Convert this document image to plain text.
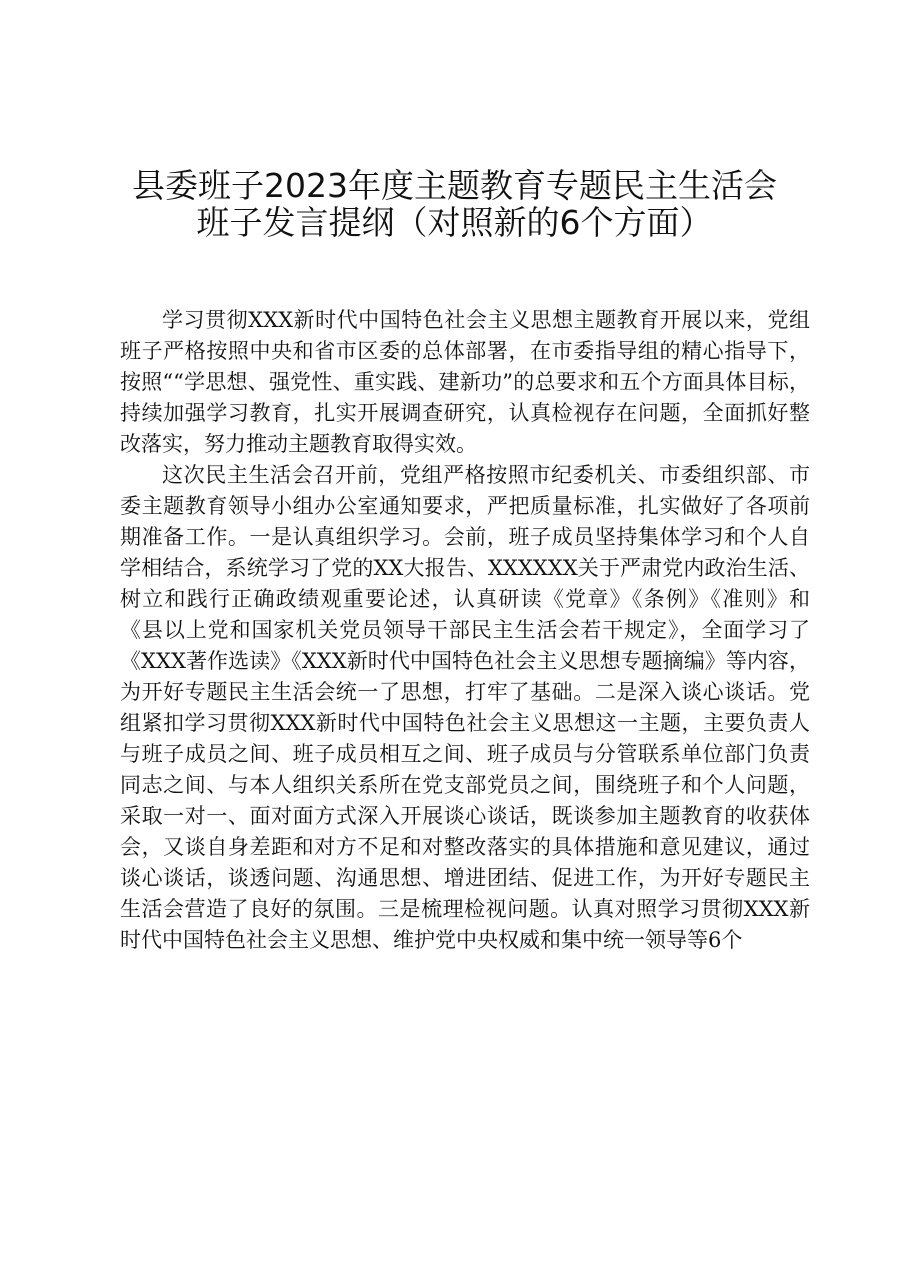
县委班子2023年度主题教育专题民主生活会
班子发言提纲（对照新的6个方面）

学习贯彻XXX新时代中国特色社会主义思想主题教育开展以来，党组班子严格按照中央和省市区委的总体部署，在市委指导组的精心指导下，按照““学思想、强党性、重实践、建新功”的总要求和五个方面具体目标，持续加强学习教育，扎实开展调查研究，认真检视存在问题，全面抓好整改落实，努力推动主题教育取得实效。

这次民主生活会召开前，党组严格按照市纪委机关、市委组织部、市委主题教育领导小组办公室通知要求，严把质量标准，扎实做好了各项前期准备工作。一是认真组织学习。会前，班子成员坚持集体学习和个人自学相结合，系统学习了党的XX大报告、XXXXXX关于严肃党内政治生活、树立和践行正确政绩观重要论述，认真研读《党章》《条例》《准则》和《县以上党和国家机关党员领导干部民主生活会若干规定》，全面学习了《XXX著作选读》《XXX新时代中国特色社会主义思想专题摘编》等内容，为开好专题民主生活会统一了思想，打牢了基础。二是深入谈心谈话。党组紧扣学习贯彻XXX新时代中国特色社会主义思想这一主题，主要负责人与班子成员之间、班子成员相互之间、班子成员与分管联系单位部门负责同志之间、与本人组织关系所在党支部党员之间，围绕班子和个人问题，采取一对一、面对面方式深入开展谈心谈话，既谈参加主题教育的收获体会，又谈自身差距和对方不足和对整改落实的具体措施和意见建议，通过谈心谈话，谈透问题、沟通思想、增进团结、促进工作，为开好专题民主生活会营造了良好的氛围。三是梳理检视问题。认真对照学习贯彻XXX新时代中国特色社会主义思想、维护党中央权威和集中统一领导等6个
